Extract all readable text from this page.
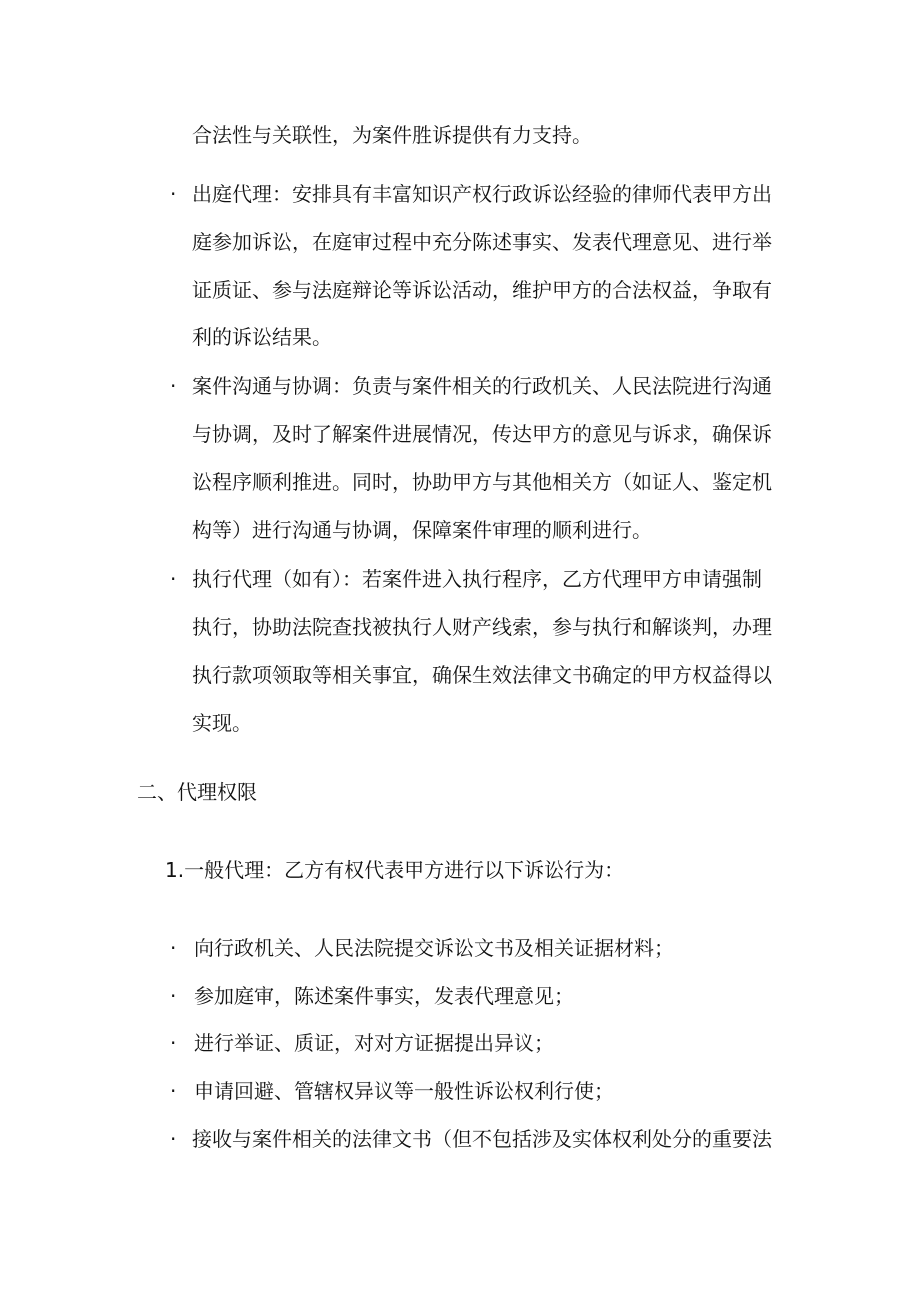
合法性与关联性，为案件胜诉提供有力支持。
· 出庭代理：安排具有丰富知识产权行政诉讼经验的律师代表甲方出
庭参加诉讼，在庭审过程中充分陈述事实、发表代理意见、进行举
证质证、参与法庭辩论等诉讼活动，维护甲方的合法权益，争取有
利的诉讼结果。
· 案件沟通与协调：负责与案件相关的行政机关、人民法院进行沟通
与协调，及时了解案件进展情况，传达甲方的意见与诉求，确保诉
讼程序顺利推进。同时，协助甲方与其他相关方（如证人、鉴定机
构等）进行沟通与协调，保障案件审理的顺利进行。
· 执行代理（如有）：若案件进入执行程序，乙方代理甲方申请强制
执行，协助法院查找被执行人财产线索，参与执行和解谈判，办理
执行款项领取等相关事宜，确保生效法律文书确定的甲方权益得以
实现。
二、代理权限
1.一般代理：乙方有权代表甲方进行以下诉讼行为：
· 向行政机关、人民法院提交诉讼文书及相关证据材料；
· 参加庭审，陈述案件事实，发表代理意见；
· 进行举证、质证，对对方证据提出异议；
· 申请回避、管辖权异议等一般性诉讼权利行使；
· 接收与案件相关的法律文书（但不包括涉及实体权利处分的重要法
